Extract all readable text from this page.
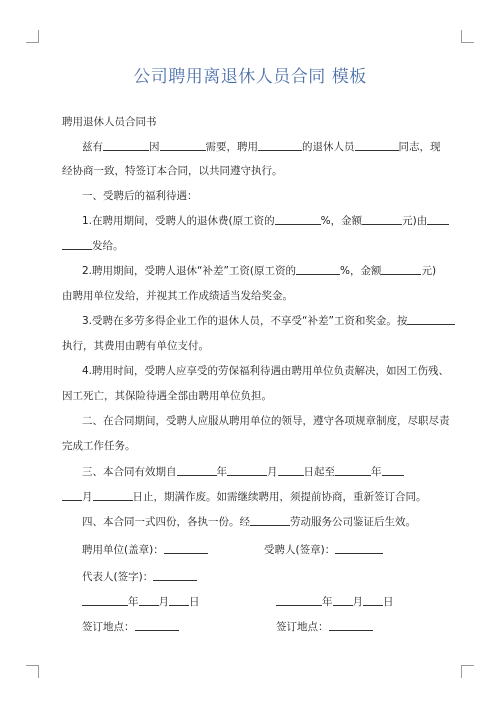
公司聘用离退休人员合同 模板
聘用退休人员合同书
兹有	因	需要，聘用	的退休人员	同志，现
经协商一致，特签订本合同，以共同遵守执行。
一、受聘后的福利待遇：
1.在聘用期间，受聘人的退休费(原工资的	%，金额	元)由
发给。
2.聘用期间，受聘人退休“补差”工资(原工资的	%，金额	元)
由聘用单位发给，并视其工作成绩适当发给奖金。
3.受聘在多劳多得企业工作的退休人员，不享受“补差”工资和奖金。按
执行，其费用由聘有单位支付。
4.聘用时间，受聘人应享受的劳保福利待遇由聘用单位负责解决，如因工伤残、
因工死亡，其保险待遇全部由聘用单位负担。
二、在合同期间，受聘人应服从聘用单位的领导，遵守各项规章制度，尽职尽责
完成工作任务。
三、本合同有效期自	年	月 日起至	年
月	日止，期满作废。如需继续聘用，须提前协商，重新签订合同。
四、本合同一式四份，各执一份。经	劳动服务公司鉴证后生效。
聘用单位(盖章)：	受聘人(签章)：
代表人(签字)：
年 月 日	年 月 日
签订地点：	签订地点：
